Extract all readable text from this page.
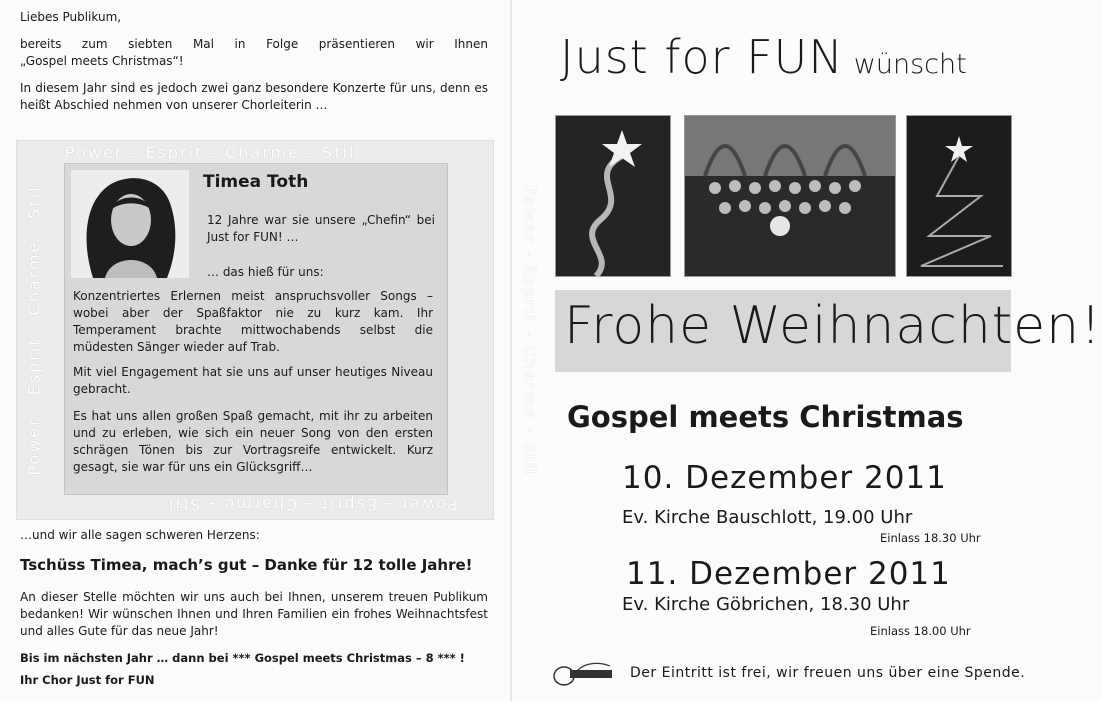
Liebes Publikum,

bereits zum siebten Mal in Folge präsentieren wir Ihnen

„Gospel meets Christmas“!

In diesem Jahr sind es jedoch zwei ganz besondere Konzerte für uns, denn es heißt Abschied nehmen von unserer Chorleiterin …

Power - Esprit - Charme - Stil
Power - Esprit - Charme - Stil
Power - Esprit - Charme - Stil	Power - Esprit - Charme - Stil
Timea Toth

12 Jahre war sie unsere „Chefin“ bei Just for FUN! …

… das hieß für uns:

Konzentriertes Erlernen meist anspruchsvoller Songs – wobei aber der Spaßfaktor nie zu kurz kam. Ihr Temperament brachte mittwochabends selbst die müdesten Sänger wieder auf Trab.

Mit viel Engagement hat sie uns auf unser heutiges Niveau gebracht.

Es hat uns allen großen Spaß gemacht, mit ihr zu arbeiten und zu erleben, wie sich ein neuer Song von den ersten schrägen Tönen bis zur Vortragsreife entwickelt. Kurz gesagt, sie war für uns ein Glücksgriff…

…und wir alle sagen schweren Herzens:

Tschüss Timea, mach’s gut – Danke für 12 tolle Jahre!

An dieser Stelle möchten wir uns auch bei Ihnen, unserem treuen Publikum bedanken! Wir wünschen Ihnen und Ihren Familien ein frohes Weihnachtsfest und alles Gute für das neue Jahr!

Bis im nächsten Jahr … dann bei *** Gospel meets Christmas – 8 *** !

Ihr Chor Just for FUN

Just for FUN wünscht
Frohe Weihnachten!
Gospel meets Christmas
10. Dezember 2011
Ev. Kirche Bauschlott, 19.00 Uhr
Einlass 18.30 Uhr
11. Dezember 2011
Ev. Kirche Göbrichen, 18.30 Uhr
Einlass 18.00 Uhr
Der Eintritt ist frei, wir freuen uns über eine Spende.
